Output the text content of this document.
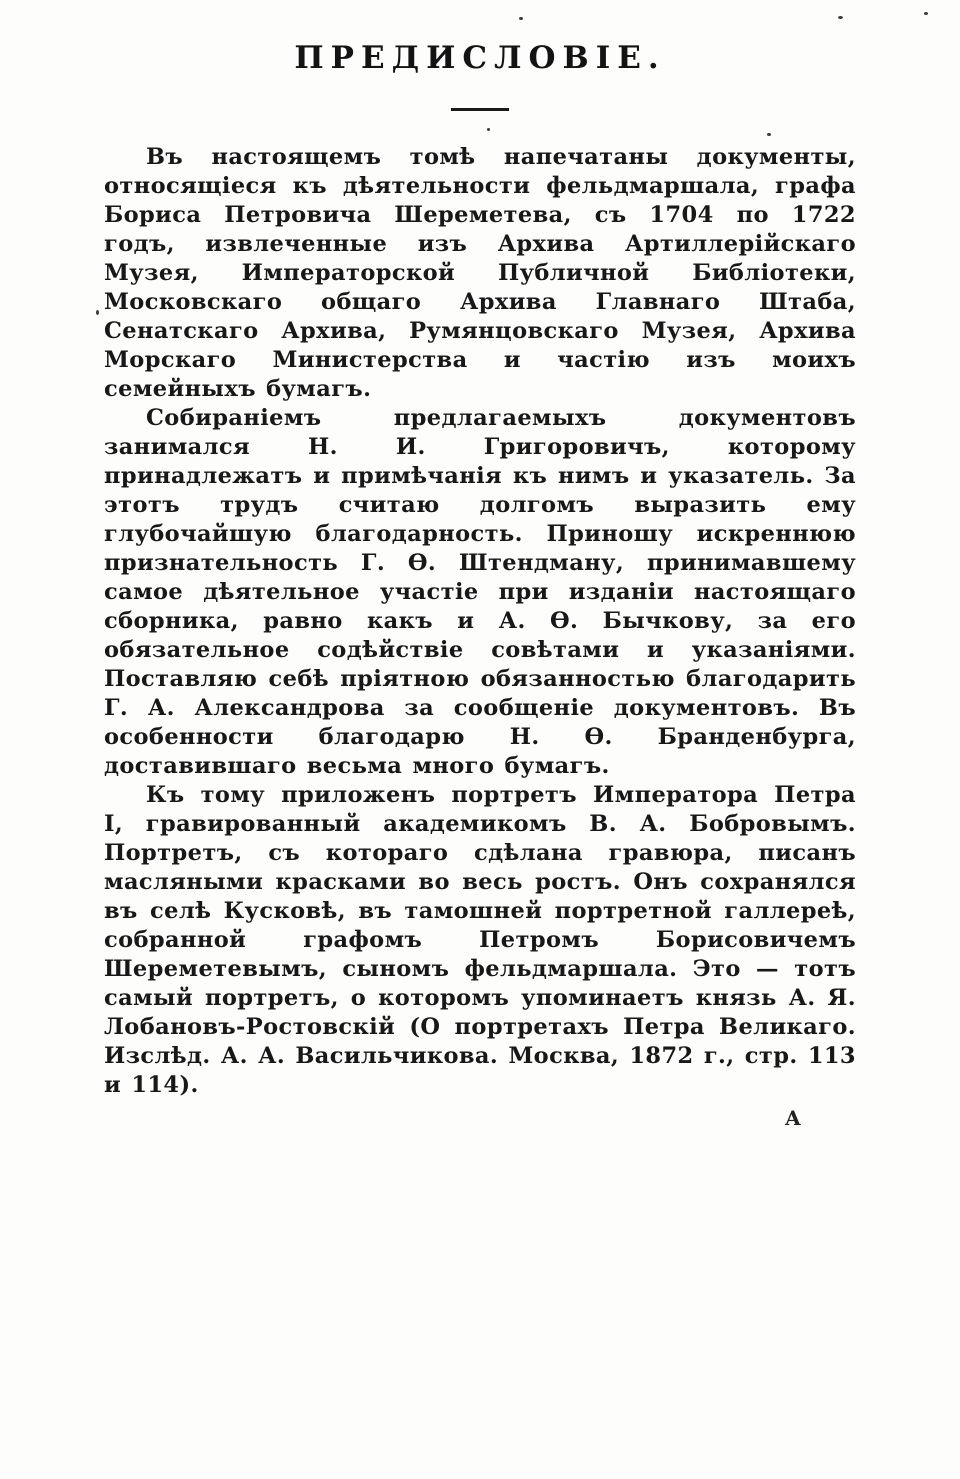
ПРЕДИСЛОВІЕ.

Въ настоящемъ томѣ напечатаны документы, относящіеся къ дѣятельности фельдмаршала, графа Бориса Петровича Шереметева, съ 1704 по 1722 годъ, извлеченные изъ Архива Артиллерійскаго Музея, Императорской Публичной Библіотеки, Московскаго общаго Архива Главнаго Штаба, Сенатскаго Архива, Румянцовскаго Музея, Архива Морскаго Министерства и частію изъ моихъ семейныхъ бумагъ.

Собираніемъ предлагаемыхъ документовъ занимался Н. И. Григоровичъ, которому принадлежатъ и примѣчанія къ нимъ и указатель. За этотъ трудъ считаю долгомъ выразить ему глубочайшую благодарность. Приношу искреннюю признательность Г. Ѳ. Штендману, принимавшему самое дѣятельное участіе при изданіи настоящаго сборника, равно какъ и А. Ѳ. Бычкову, за его обязательное содѣйствіе совѣтами и указаніями. Поставляю себѣ пріятною обязанностью благодарить Г. А. Александрова за сообщеніе документовъ. Въ особенности благодарю Н. Ѳ. Бранденбурга, доставившаго весьма много бумагъ.

Къ тому приложенъ портретъ Императора Петра I, гравированный академикомъ В. А. Бобровымъ. Портретъ, съ котораго сдѣлана гравюра, писанъ масляными красками во весь ростъ. Онъ сохранялся въ селѣ Кусковѣ, въ тамошней портретной галлереѣ, собранной графомъ Петромъ Борисовичемъ Шереметевымъ, сыномъ фельдмаршала. Это — тотъ самый портретъ, о которомъ упоминаетъ князь А. Я. Лобановъ-Ростовскій (О портретахъ Петра Великаго. Изслѣд. А. А. Васильчикова. Москва, 1872 г., стр. 113 и 114).

А
